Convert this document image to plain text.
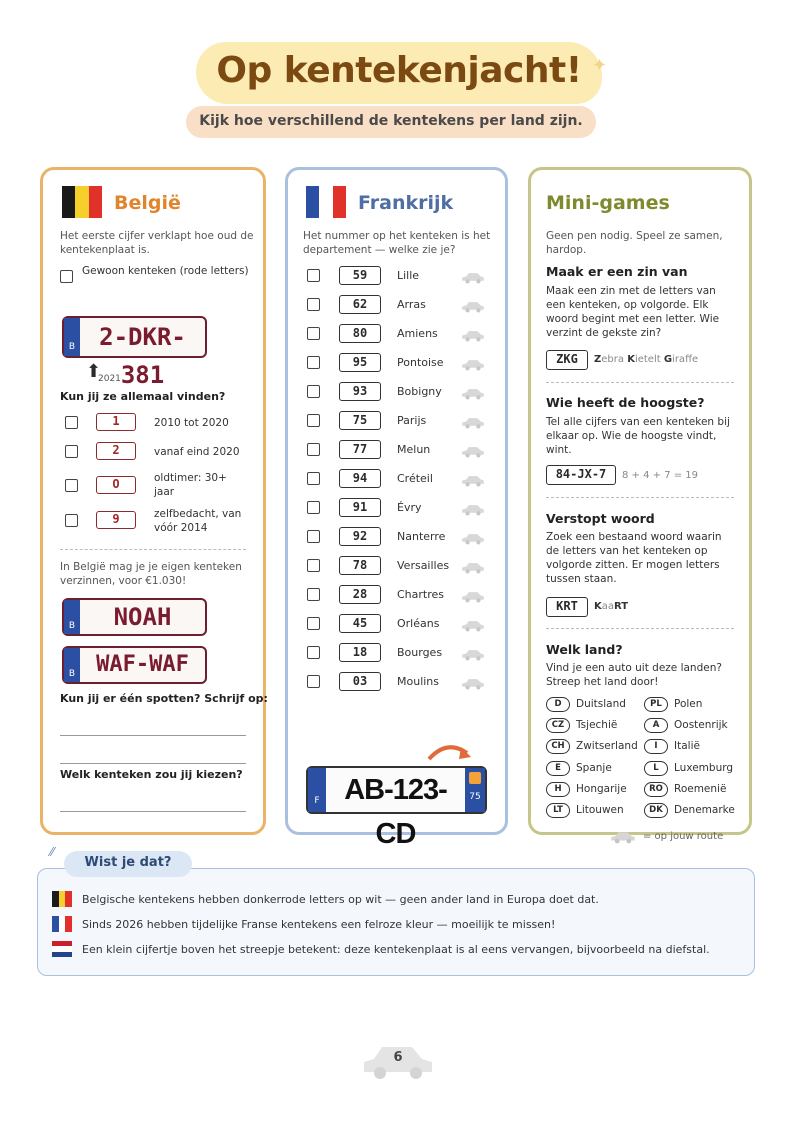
Op kentekenjacht! ✦
Kijk hoe verschillend de kentekens per land zijn.
België
Het eerste cijfer verklapt hoe oud de kentekenplaat is.
Gewoon kenteken (rode letters)
B	2-DKR-381
⬆
2021
Kun jij ze allemaal vinden?
1	2010 tot 2020
2	vanaf eind 2020
O	oldtimer: 30+ jaar
9	zelfbedacht, van vóór 2014
In België mag je je eigen kenteken verzinnen, voor €1.030!
B	NOAH
B WAF-WAF
Kun jij er één spotten? Schrijf op:
Welk kenteken zou jij kiezen?
Frankrijk
Het nummer op het kenteken is het departement — welke zie je?
59	Lille
62	Arras
80	Amiens
95	Pontoise
93	Bobigny
75	Parijs
77	Melun
94	Créteil
91	Évry
92	Nanterre
78	Versailles
28	Chartres
45	Orléans
18	Bourges
03	Moulins
F AB-123-CD
75
Mini-games
Geen pen nodig. Speel ze samen, hardop.
Maak er een zin van
Maak een zin met de letters van een kenteken, op volgorde. Elk woord begint met een letter. Wie verzint de gekste zin?
ZKG	Zebra Kietelt Giraffe
Wie heeft de hoogste?
Tel alle cijfers van een kenteken bij elkaar op. Wie de hoogste vindt, wint.
84-JX-7	8 + 4 + 7 = 19
Verstopt woord
Zoek een bestaand woord waarin de letters van het kenteken op volgorde zitten. Er mogen letters tussen staan.
KRT	KaaRT
Welk land?
Vind je een auto uit deze landen? Streep het land door!
D	Duitsland	PL	Polen
CZ	Tsjechië	A	Oostenrijk
CH	Zwitserland	I	Italië
E	Spanje	L	Luxemburg
H	Hongarije	RO	Roemenië
LT	Litouwen	DK	Denemarke
= op jouw route
⁄⁄
Wist je dat?
Belgische kentekens hebben donkerrode letters op wit — geen ander land in Europa doet dat.
Sinds 2026 hebben tijdelijke Franse kentekens een felroze kleur — moeilijk te missen!
Een klein cijfertje boven het streepje betekent: deze kentekenplaat is al eens vervangen, bijvoorbeeld na diefstal.
6
